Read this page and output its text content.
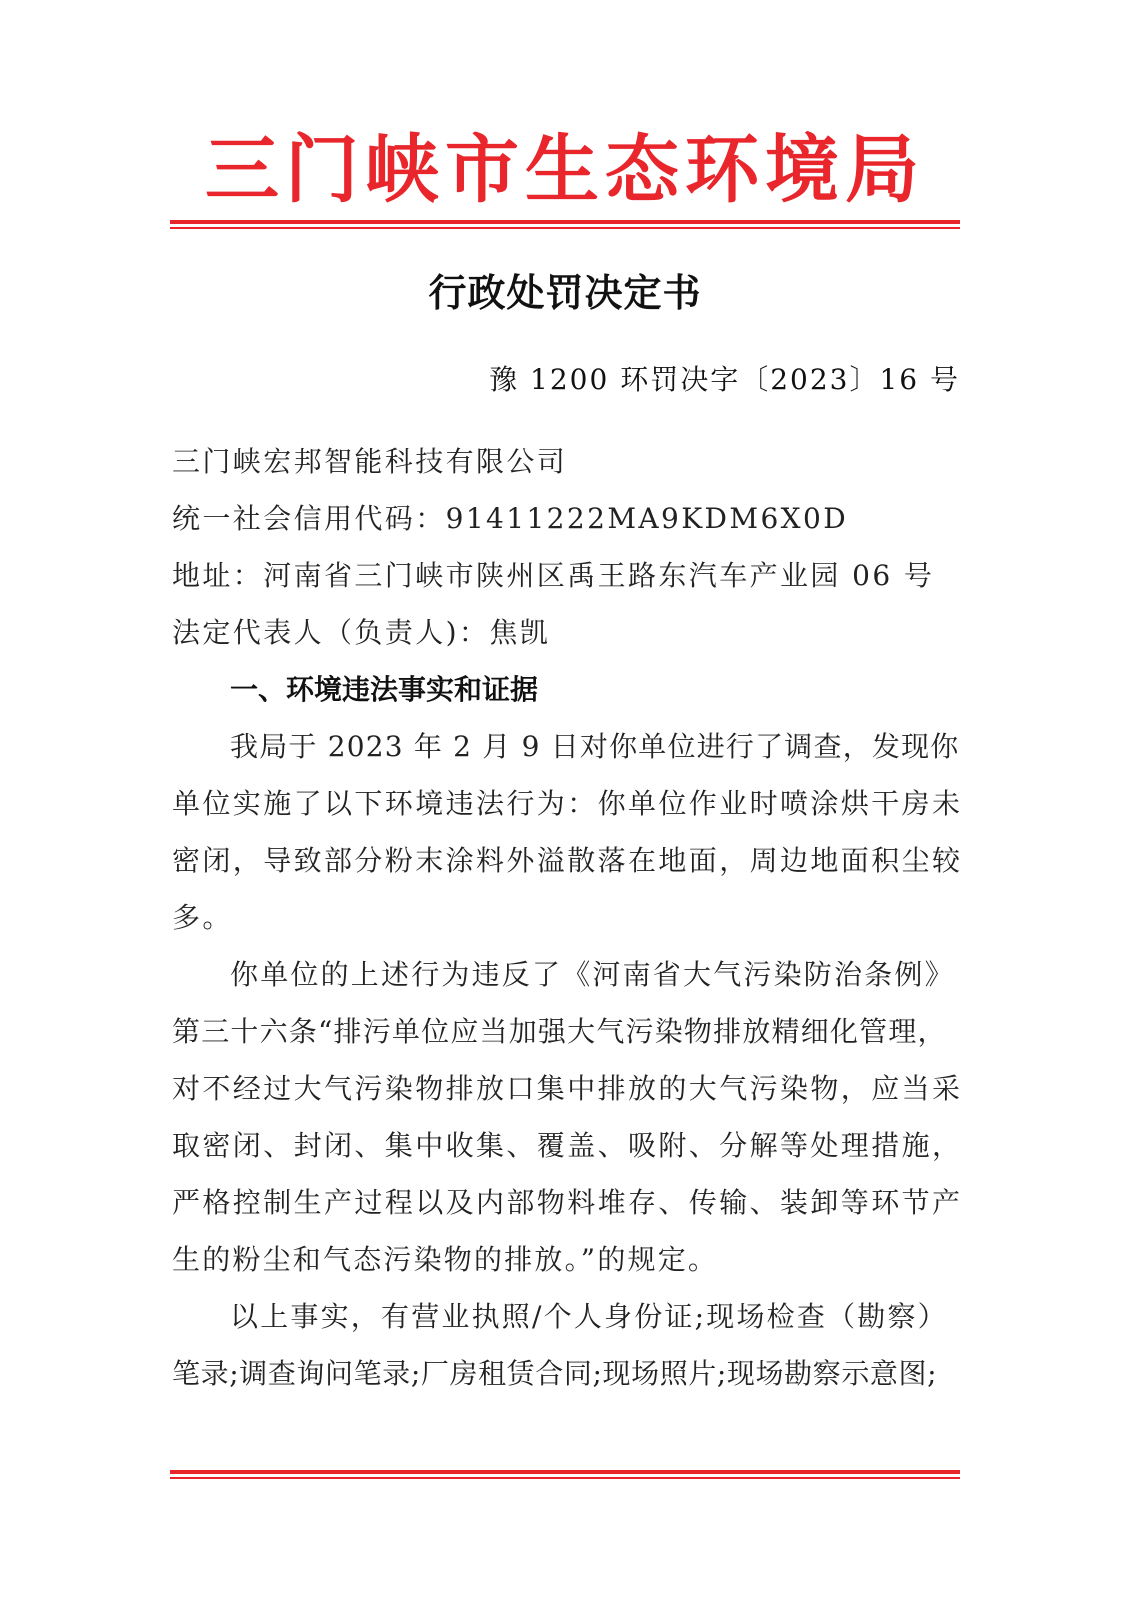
三门峡市生态环境局
行政处罚决定书
豫 1200 环罚决字〔2023〕16 号
三门峡宏邦智能科技有限公司
统一社会信用代码：91411222MA9KDM6X0D
地址：河南省三门峡市陕州区禹王路东汽车产业园 06 号
法定代表人（负责人)：焦凯
一、环境违法事实和证据
我局于 2023 年 2 月 9 日对你单位进行了调查，发现你
单位实施了以下环境违法行为：你单位作业时喷涂烘干房未
密闭，导致部分粉末涂料外溢散落在地面，周边地面积尘较
多。
你单位的上述行为违反了《河南省大气污染防治条例》
第三十六条“排污单位应当加强大气污染物排放精细化管理，
对不经过大气污染物排放口集中排放的大气污染物，应当采
取密闭、封闭、集中收集、覆盖、吸附、分解等处理措施，
严格控制生产过程以及内部物料堆存、传输、装卸等环节产
生的粉尘和气态污染物的排放。”的规定。
以上事实，有营业执照/个人身份证;现场检查（勘察）
笔录;调查询问笔录;厂房租赁合同;现场照片;现场勘察示意图;
